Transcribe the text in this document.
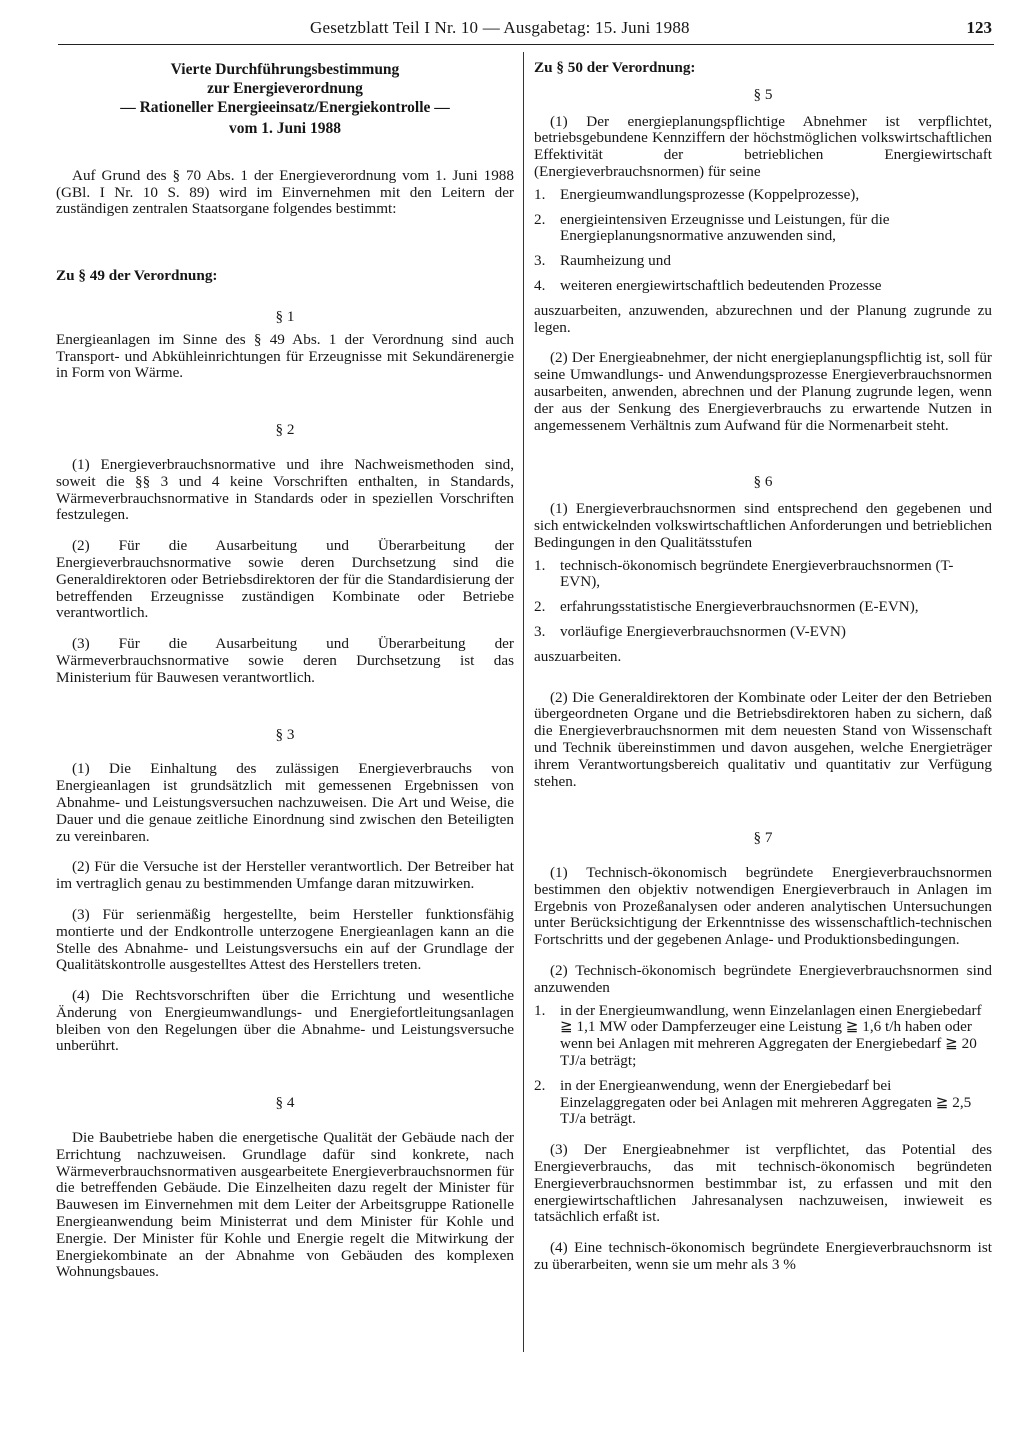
Gesetzblatt Teil I Nr. 10 — Ausgabetag: 15. Juni 1988	123
Vierte Durchführungsbestimmung
zur Energieverordnung
— Rationeller Energieeinsatz/Energiekontrolle —
vom 1. Juni 1988

Auf Grund des § 70 Abs. 1 der Energieverordnung vom 1. Juni 1988 (GBl. I Nr. 10 S. 89) wird im Einvernehmen mit den Leitern der zuständigen zentralen Staatsorgane folgendes bestimmt:

Zu § 49 der Verordnung:

§ 1

Energieanlagen im Sinne des § 49 Abs. 1 der Verordnung sind auch Transport- und Abkühleinrichtungen für Erzeugnisse mit Sekundärenergie in Form von Wärme.

§ 2

(1) Energieverbrauchsnormative und ihre Nachweismethoden sind, soweit die §§ 3 und 4 keine Vorschriften enthalten, in Standards, Wärmeverbrauchsnormative in Standards oder in speziellen Vorschriften festzulegen.

(2) Für die Ausarbeitung und Überarbeitung der Energieverbrauchsnormative sowie deren Durchsetzung sind die Generaldirektoren oder Betriebsdirektoren der für die Standardisierung der betreffenden Erzeugnisse zuständigen Kombinate oder Betriebe verantwortlich.

(3) Für die Ausarbeitung und Überarbeitung der Wärmeverbrauchsnormative sowie deren Durchsetzung ist das Ministerium für Bauwesen verantwortlich.

§ 3

(1) Die Einhaltung des zulässigen Energieverbrauchs von Energieanlagen ist grundsätzlich mit gemessenen Ergebnissen von Abnahme- und Leistungsversuchen nachzuweisen. Die Art und Weise, die Dauer und die genaue zeitliche Einordnung sind zwischen den Beteiligten zu vereinbaren.

(2) Für die Versuche ist der Hersteller verantwortlich. Der Betreiber hat im vertraglich genau zu bestimmenden Umfange daran mitzuwirken.

(3) Für serienmäßig hergestellte, beim Hersteller funktionsfähig montierte und der Endkontrolle unterzogene Energieanlagen kann an die Stelle des Abnahme- und Leistungsversuchs ein auf der Grundlage der Qualitätskontrolle ausgestelltes Attest des Herstellers treten.

(4) Die Rechtsvorschriften über die Errichtung und wesentliche Änderung von Energieumwandlungs- und Energiefortleitungsanlagen bleiben von den Regelungen über die Abnahme- und Leistungsversuche unberührt.

§ 4

Die Baubetriebe haben die energetische Qualität der Gebäude nach der Errichtung nachzuweisen. Grundlage dafür sind konkrete, nach Wärmeverbrauchsnormativen ausgearbeitete Energieverbrauchsnormen für die betreffenden Gebäude. Die Einzelheiten dazu regelt der Minister für Bauwesen im Einvernehmen mit dem Leiter der Arbeitsgruppe Rationelle Energieanwendung beim Ministerrat und dem Minister für Kohle und Energie. Der Minister für Kohle und Energie regelt die Mitwirkung der Energiekombinate an der Abnahme von Gebäuden des komplexen Wohnungsbaues.

Zu § 50 der Verordnung:

§ 5

(1) Der energieplanungspflichtige Abnehmer ist verpflichtet, betriebsgebundene Kennziffern der höchstmöglichen volkswirtschaftlichen Effektivität der betrieblichen Energiewirtschaft (Energieverbrauchsnormen) für seine

1. Energieumwandlungsprozesse (Koppelprozesse),
2. energieintensiven Erzeugnisse und Leistungen, für die Energieplanungsnormative anzuwenden sind,
3. Raumheizung und
4. weiteren energiewirtschaftlich bedeutenden Prozesse

auszuarbeiten, anzuwenden, abzurechnen und der Planung zugrunde zu legen.

(2) Der Energieabnehmer, der nicht energieplanungspflichtig ist, soll für seine Umwandlungs- und Anwendungsprozesse Energieverbrauchsnormen ausarbeiten, anwenden, abrechnen und der Planung zugrunde legen, wenn der aus der Senkung des Energieverbrauchs zu erwartende Nutzen in angemessenem Verhältnis zum Aufwand für die Normenarbeit steht.

§ 6

(1) Energieverbrauchsnormen sind entsprechend den gegebenen und sich entwickelnden volkswirtschaftlichen Anforderungen und betrieblichen Bedingungen in den Qualitätsstufen

1. technisch-ökonomisch begründete Energieverbrauchsnormen (T-EVN),
2. erfahrungsstatistische Energieverbrauchsnormen (E-EVN),
3. vorläufige Energieverbrauchsnormen (V-EVN)

auszuarbeiten.

(2) Die Generaldirektoren der Kombinate oder Leiter der den Betrieben übergeordneten Organe und die Betriebsdirektoren haben zu sichern, daß die Energieverbrauchsnormen mit dem neuesten Stand von Wissenschaft und Technik übereinstimmen und davon ausgehen, welche Energieträger ihrem Verantwortungsbereich qualitativ und quantitativ zur Verfügung stehen.

§ 7

(1) Technisch-ökonomisch begründete Energieverbrauchsnormen bestimmen den objektiv notwendigen Energieverbrauch in Anlagen im Ergebnis von Prozeßanalysen oder anderen analytischen Untersuchungen unter Berücksichtigung der Erkenntnisse des wissenschaftlich-technischen Fortschritts und der gegebenen Anlage- und Produktionsbedingungen.

(2) Technisch-ökonomisch begründete Energieverbrauchsnormen sind anzuwenden

1. in der Energieumwandlung, wenn Einzelanlagen einen Energiebedarf ≧ 1,1 MW oder Dampferzeuger eine Leistung ≧ 1,6 t/h haben oder wenn bei Anlagen mit mehreren Aggregaten der Energiebedarf ≧ 20 TJ/a beträgt;
2. in der Energieanwendung, wenn der Energiebedarf bei Einzelaggregaten oder bei Anlagen mit mehreren Aggregaten ≧ 2,5 TJ/a beträgt.

(3) Der Energieabnehmer ist verpflichtet, das Potential des Energieverbrauchs, das mit technisch-ökonomisch begründeten Energieverbrauchsnormen bestimmbar ist, zu erfassen und mit den energiewirtschaftlichen Jahresanalysen nachzuweisen, inwieweit es tatsächlich erfaßt ist.

(4) Eine technisch-ökonomisch begründete Energieverbrauchsnorm ist zu überarbeiten, wenn sie um mehr als 3 %
